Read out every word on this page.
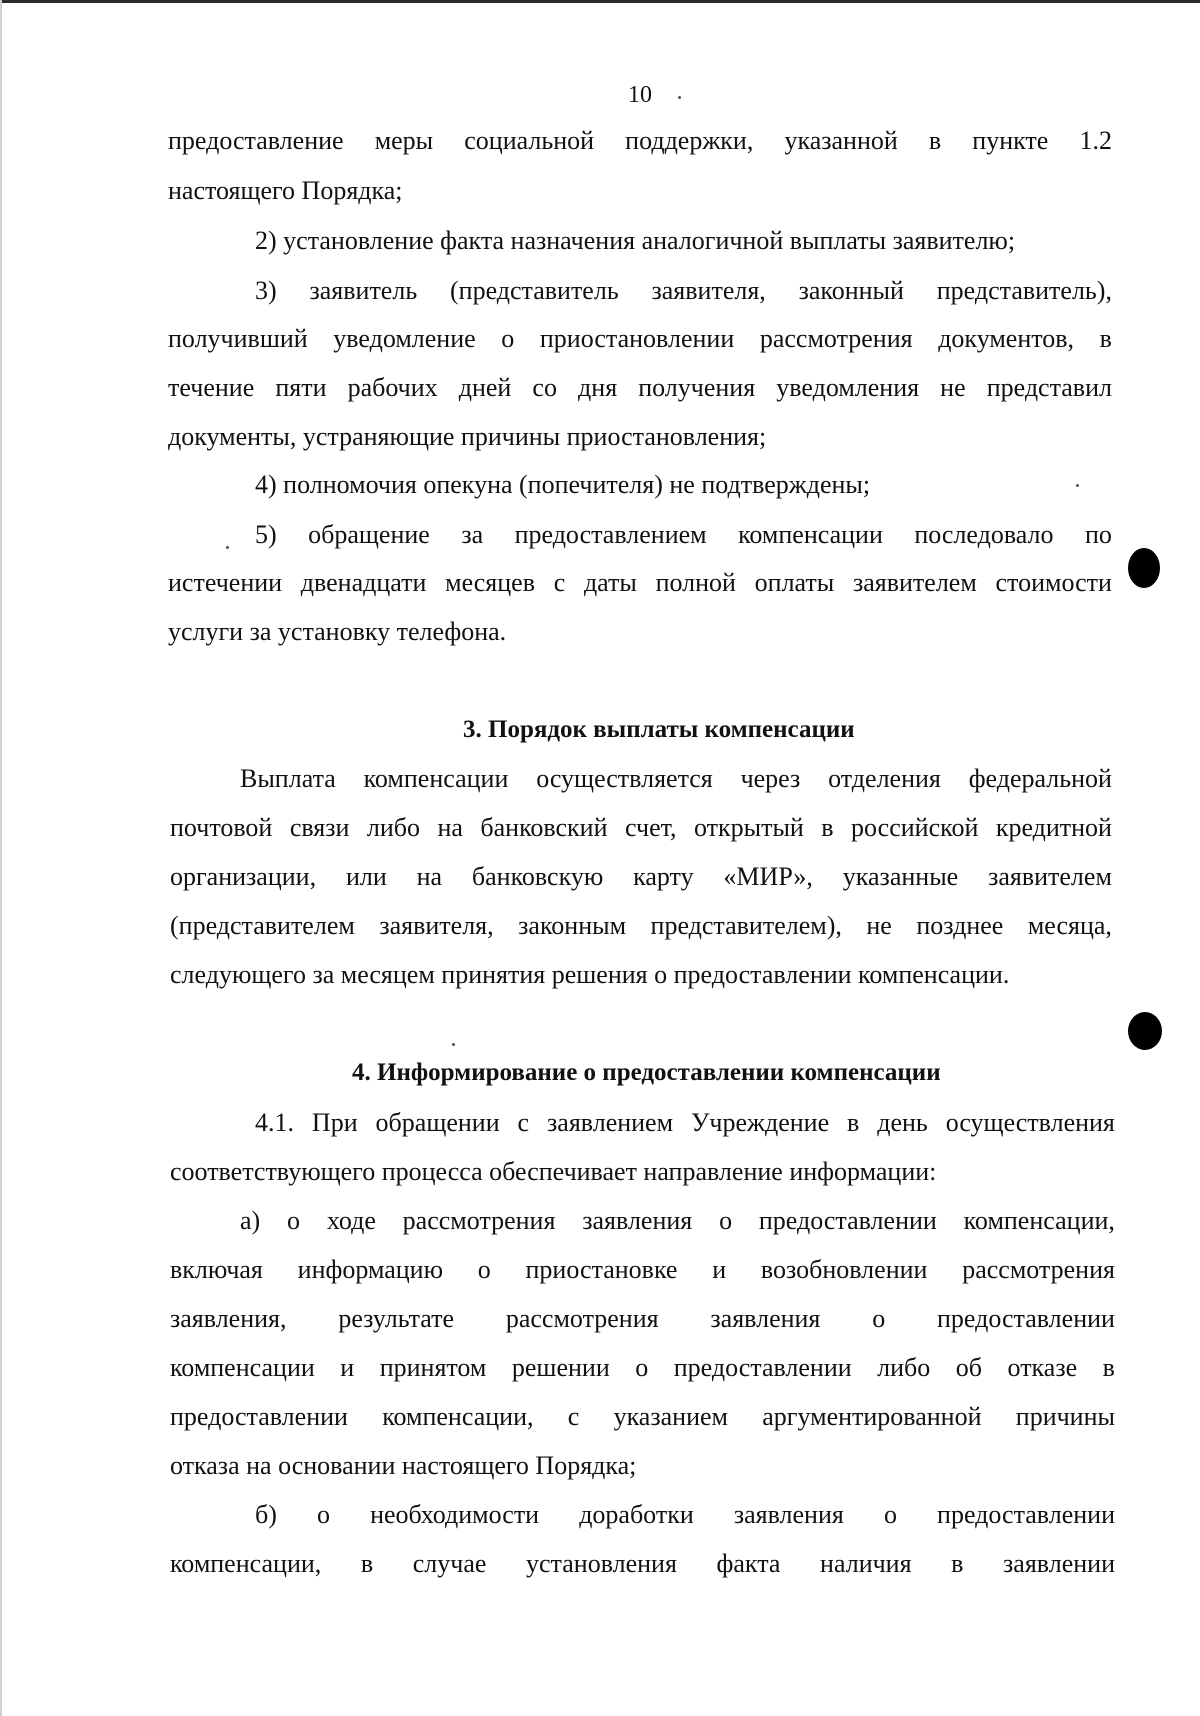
10
предоставление меры социальной поддержки, указанной в пункте 1.2
настоящего Порядка;
2) установление факта назначения аналогичной выплаты заявителю;
3) заявитель (представитель заявителя, законный представитель),
получивший уведомление о приостановлении рассмотрения документов, в
течение пяти рабочих дней со дня получения уведомления не представил
документы, устраняющие причины приостановления;
4) полномочия опекуна (попечителя) не подтверждены;
5) обращение за предоставлением компенсации последовало по
истечении двенадцати месяцев с даты полной оплаты заявителем стоимости
услуги за установку телефона.
3. Порядок выплаты компенсации
Выплата компенсации осуществляется через отделения федеральной
почтовой связи либо на банковский счет, открытый в российской кредитной
организации, или на банковскую карту «МИР», указанные заявителем
(представителем заявителя, законным представителем), не позднее месяца,
следующего за месяцем принятия решения о предоставлении компенсации.
4. Информирование о предоставлении компенсации
4.1. При обращении с заявлением Учреждение в день осуществления
соответствующего процесса обеспечивает направление информации:
а) о ходе рассмотрения заявления о предоставлении компенсации,
включая информацию о приостановке и возобновлении рассмотрения
заявления, результате рассмотрения заявления о предоставлении
компенсации и принятом решении о предоставлении либо об отказе в
предоставлении компенсации, с указанием аргументированной причины
отказа на основании настоящего Порядка;
б) о необходимости доработки заявления о предоставлении
компенсации, в случае установления факта наличия в заявлении
